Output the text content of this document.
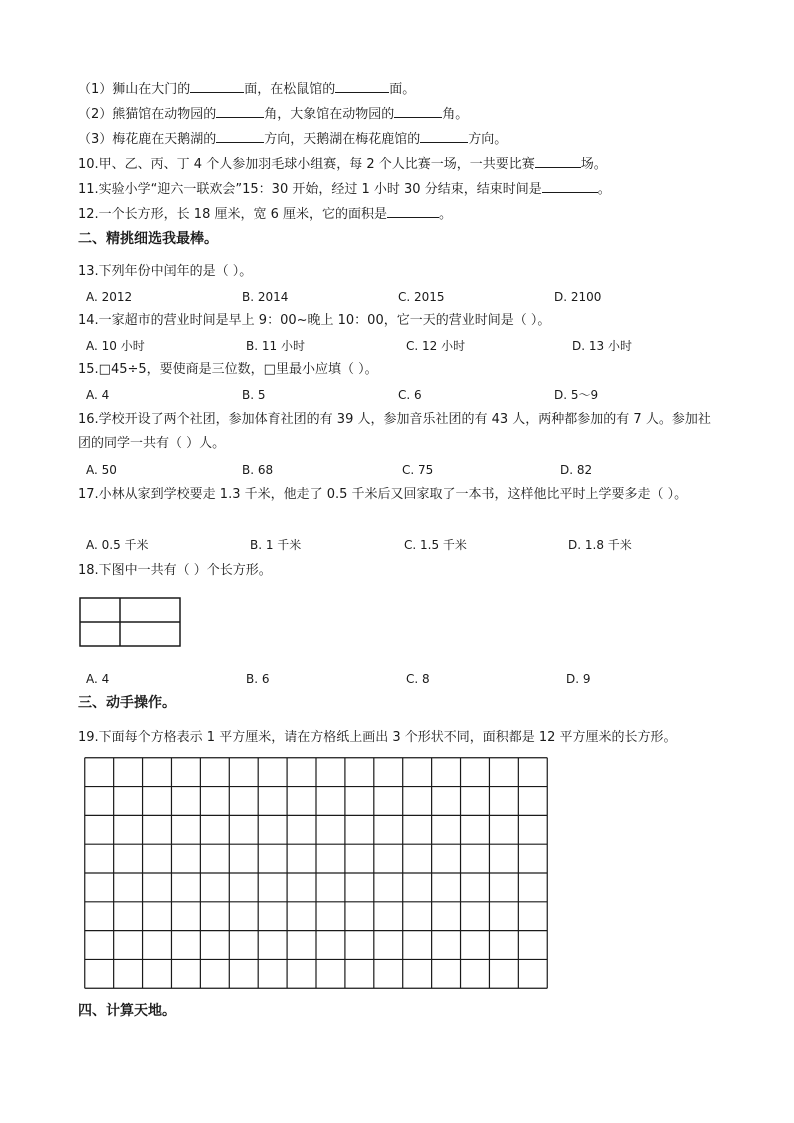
（1）狮山在大门的	面，在松鼠馆的	面。
（2）熊猫馆在动物园的	角，大象馆在动物园的	角。
（3）梅花鹿在天鹅湖的	方向，天鹅湖在梅花鹿馆的	方向。
10.甲、乙、丙、丁 4 个人参加羽毛球小组赛，每 2 个人比赛一场，一共要比赛	场。
11.实验小学“迎六一联欢会”15：30 开始，经过 1 小时 30 分结束，结束时间是	。
12.一个长方形，长 18 厘米，宽 6 厘米，它的面积是	。
二、精挑细选我最棒。
13.下列年份中闰年的是（ ）。
A. 2012	B. 2014	C. 2015	D. 2100
14.一家超市的营业时间是早上 9：00~晚上 10：00，它一天的营业时间是（ ）。
A. 10 小时	B. 11 小时	C. 12 小时	D. 13 小时
15.□45÷5，要使商是三位数，□里最小应填（ ）。
A. 4	B. 5	C. 6	D. 5～9
16.学校开设了两个社团，参加体育社团的有 39 人，参加音乐社团的有 43 人，两种都参加的有 7 人。参加社团的同学一共有（ ）人。
A. 50	B. 68	C. 75	D. 82
17.小林从家到学校要走 1.3 千米，他走了 0.5 千米后又回家取了一本书，这样他比平时上学要多走（ ）。
A. 0.5 千米	B. 1 千米	C. 1.5 千米	D. 1.8 千米
18.下图中一共有（ ）个长方形。
A. 4	B. 6	C. 8	D. 9
三、动手操作。
19.下面每个方格表示 1 平方厘米，请在方格纸上画出 3 个形状不同，面积都是 12 平方厘米的长方形。
四、计算天地。
